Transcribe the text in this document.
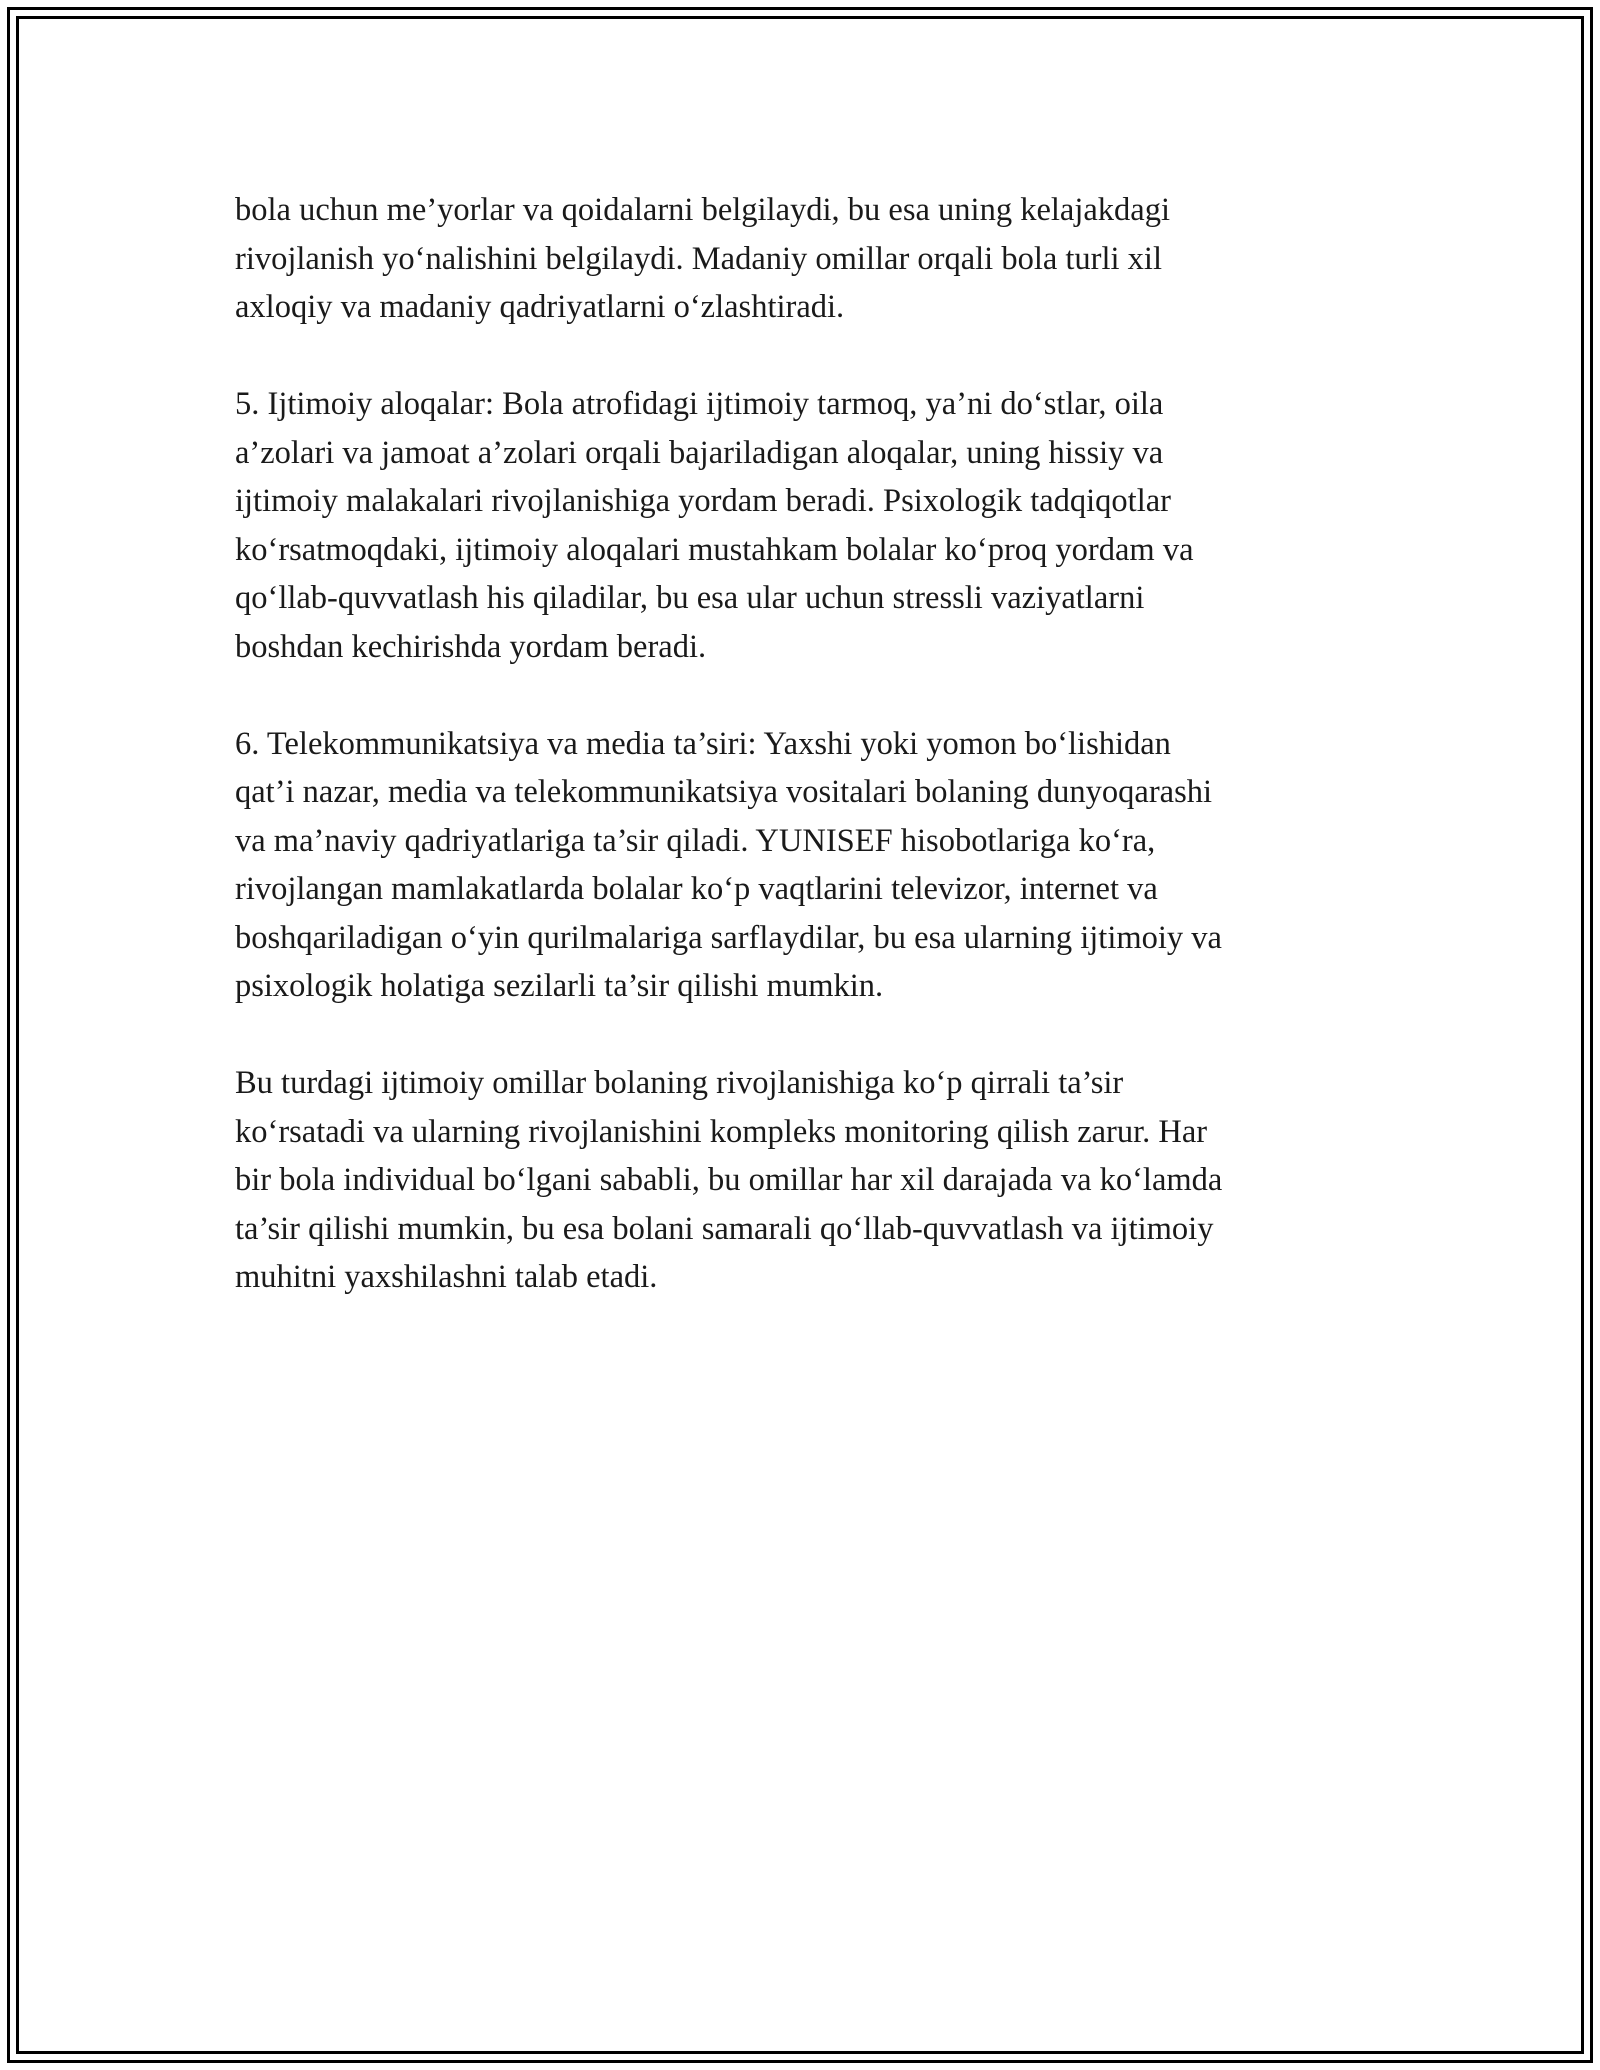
bola uchun me’yorlar va qoidalarni belgilaydi, bu esa uning kelajakdagi
rivojlanish yo‘nalishini belgilaydi. Madaniy omillar orqali bola turli xil
axloqiy va madaniy qadriyatlarni o‘zlashtiradi.

5. Ijtimoiy aloqalar: Bola atrofidagi ijtimoiy tarmoq, ya’ni do‘stlar, oila
a’zolari va jamoat a’zolari orqali bajariladigan aloqalar, uning hissiy va
ijtimoiy malakalari rivojlanishiga yordam beradi. Psixologik tadqiqotlar
ko‘rsatmoqdaki, ijtimoiy aloqalari mustahkam bolalar ko‘proq yordam va
qo‘llab-quvvatlash his qiladilar, bu esa ular uchun stressli vaziyatlarni
boshdan kechirishda yordam beradi.

6. Telekommunikatsiya va media ta’siri: Yaxshi yoki yomon bo‘lishidan
qat’i nazar, media va telekommunikatsiya vositalari bolaning dunyoqarashi
va ma’naviy qadriyatlariga ta’sir qiladi. YUNISEF hisobotlariga ko‘ra,
rivojlangan mamlakatlarda bolalar ko‘p vaqtlarini televizor, internet va
boshqariladigan o‘yin qurilmalariga sarflaydilar, bu esa ularning ijtimoiy va
psixologik holatiga sezilarli ta’sir qilishi mumkin.

Bu turdagi ijtimoiy omillar bolaning rivojlanishiga ko‘p qirrali ta’sir
ko‘rsatadi va ularning rivojlanishini kompleks monitoring qilish zarur. Har
bir bola individual bo‘lgani sababli, bu omillar har xil darajada va ko‘lamda
ta’sir qilishi mumkin, bu esa bolani samarali qo‘llab-quvvatlash va ijtimoiy
muhitni yaxshilashni talab etadi.
